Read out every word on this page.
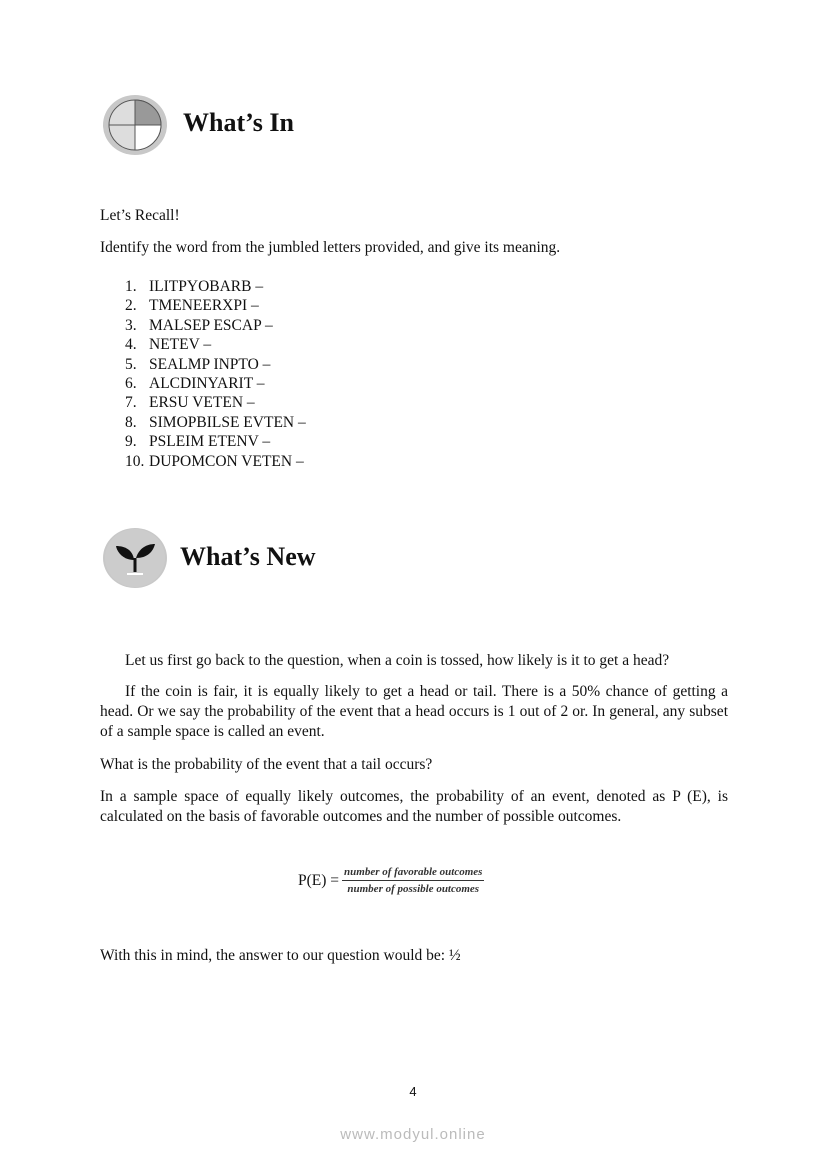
What’s In

Let’s Recall!

Identify the word from the jumbled letters provided, and give its meaning.

1. ILITPYOBARB –
2. TMENEERXPI –
3. MALSEP ESCAP –
4. NETEV –
5. SEALMP INPTO –
6. ALCDINYARIT –
7. ERSU VETEN –
8. SIMOPBILSE EVTEN –
9. PSLEIM ETENV –
10. DUPOMCON VETEN –
What’s New

Let us first go back to the question, when a coin is tossed, how likely is it to get a head?

If the coin is fair, it is equally likely to get a head or tail. There is a 50% chance of getting a head. Or we say the probability of the event that a head occurs is 1 out of 2 or. In general, any subset of a sample space is called an event.

What is the probability of the event that a tail occurs?

In a sample space of equally likely outcomes, the probability of an event, denoted as P (E), is calculated on the basis of favorable outcomes and the number of possible outcomes.

$P(E) = \frac{\text{number of favorable outcomes}}{\text{number of possible outcomes}}$

With this in mind, the answer to our question would be: ½

4
www.modyul.online
